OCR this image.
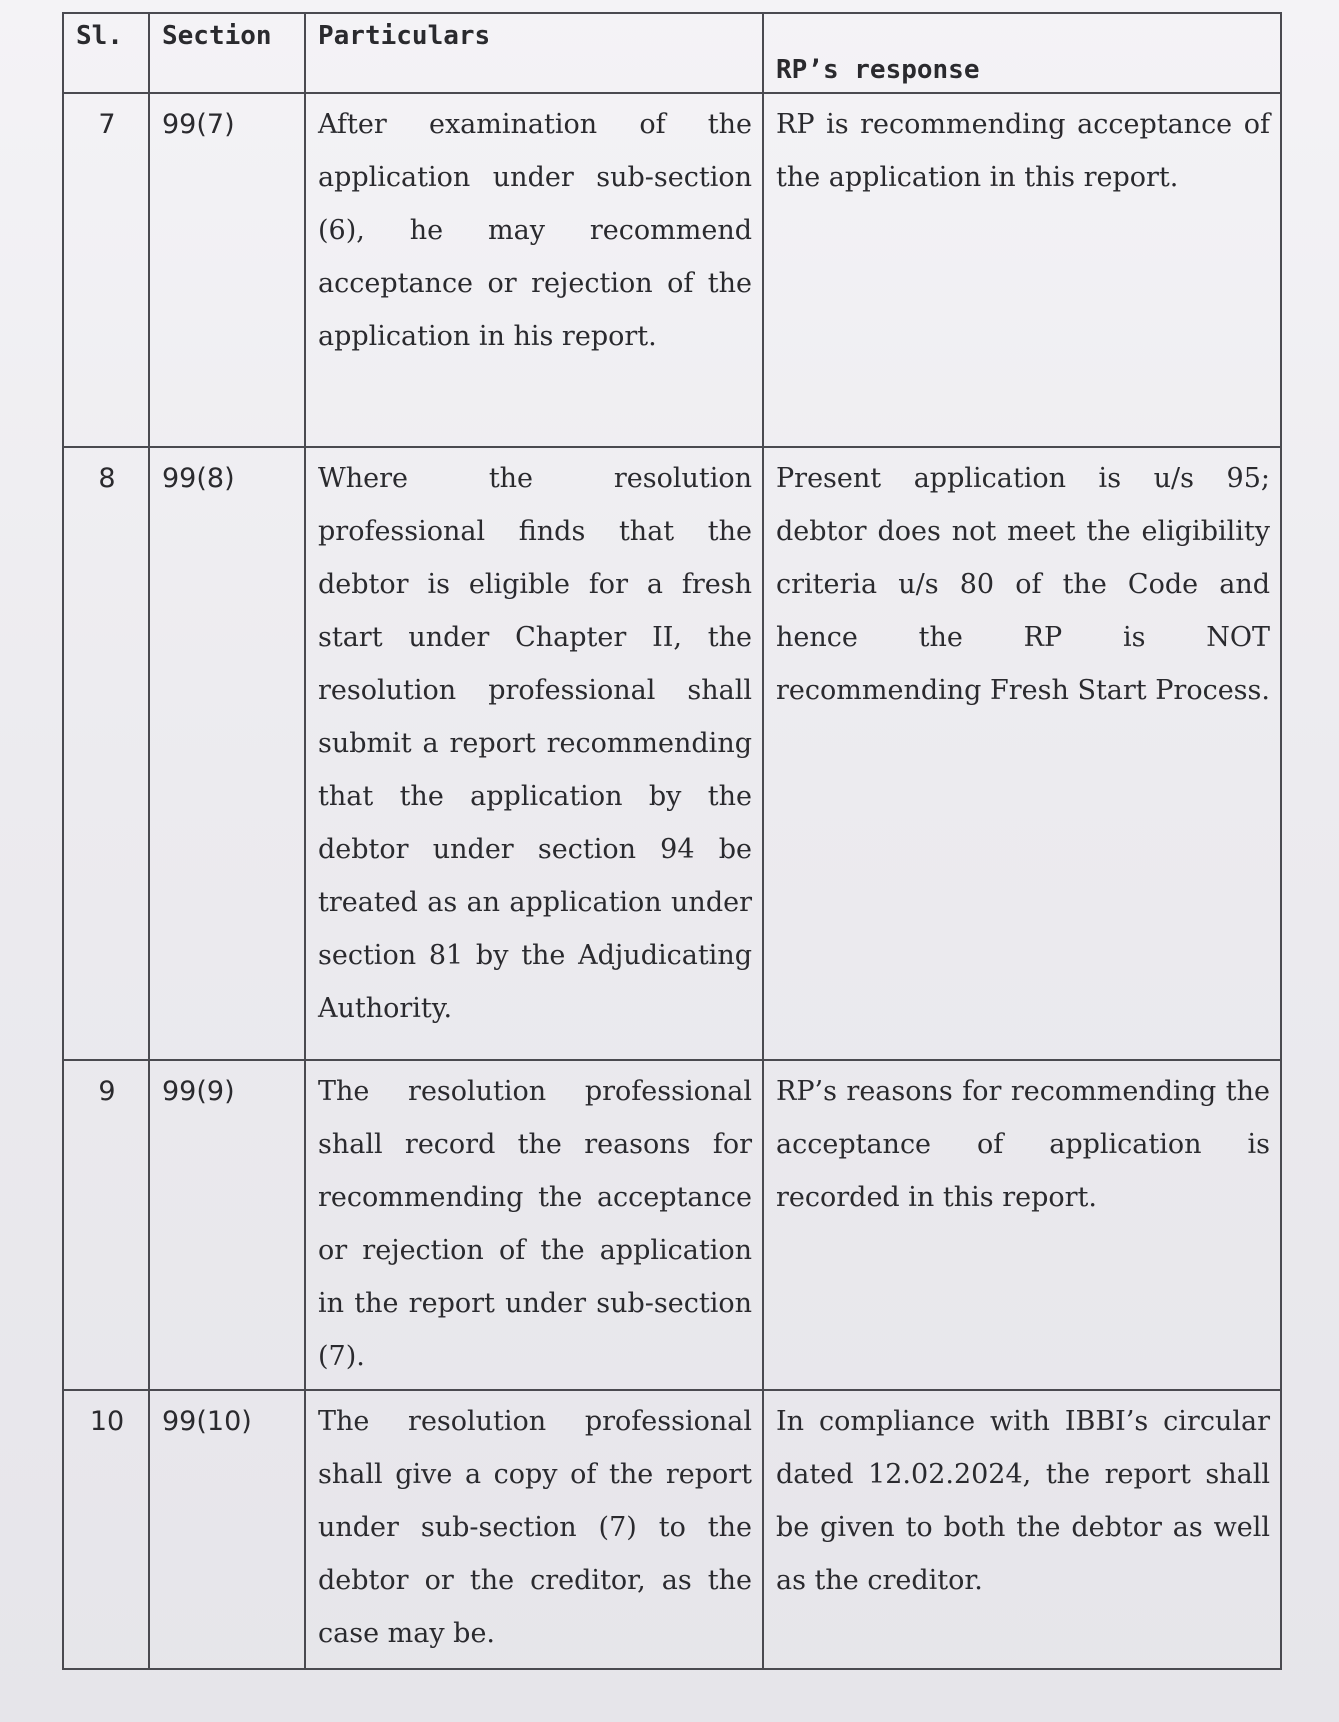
Sl.	Section	Particulars	RP’s response

7	99(7)	After examination of the application under sub-section (6), he may recommend acceptance or rejection of the application in his report.	RP is recommending acceptance of the application in this report.

8	99(8)	Where the resolution professional finds that the debtor is eligible for a fresh start under Chapter II, the resolution professional shall submit a report recommending that the application by the debtor under section 94 be treated as an application under section 81 by the Adjudicating Authority.	Present application is u/s 95; debtor does not meet the eligibility criteria u/s 80 of the Code and hence the RP is NOT recommending Fresh Start Process.

9	99(9)	The resolution professional shall record the reasons for recommending the acceptance or rejection of the application in the report under sub-section (7).	RP’s reasons for recommending the acceptance of application is recorded in this report.

10	99(10)	The resolution professional shall give a copy of the report under sub-section (7) to the debtor or the creditor, as the case may be.	In compliance with IBBI’s circular dated 12.02.2024, the report shall be given to both the debtor as well as the creditor.
